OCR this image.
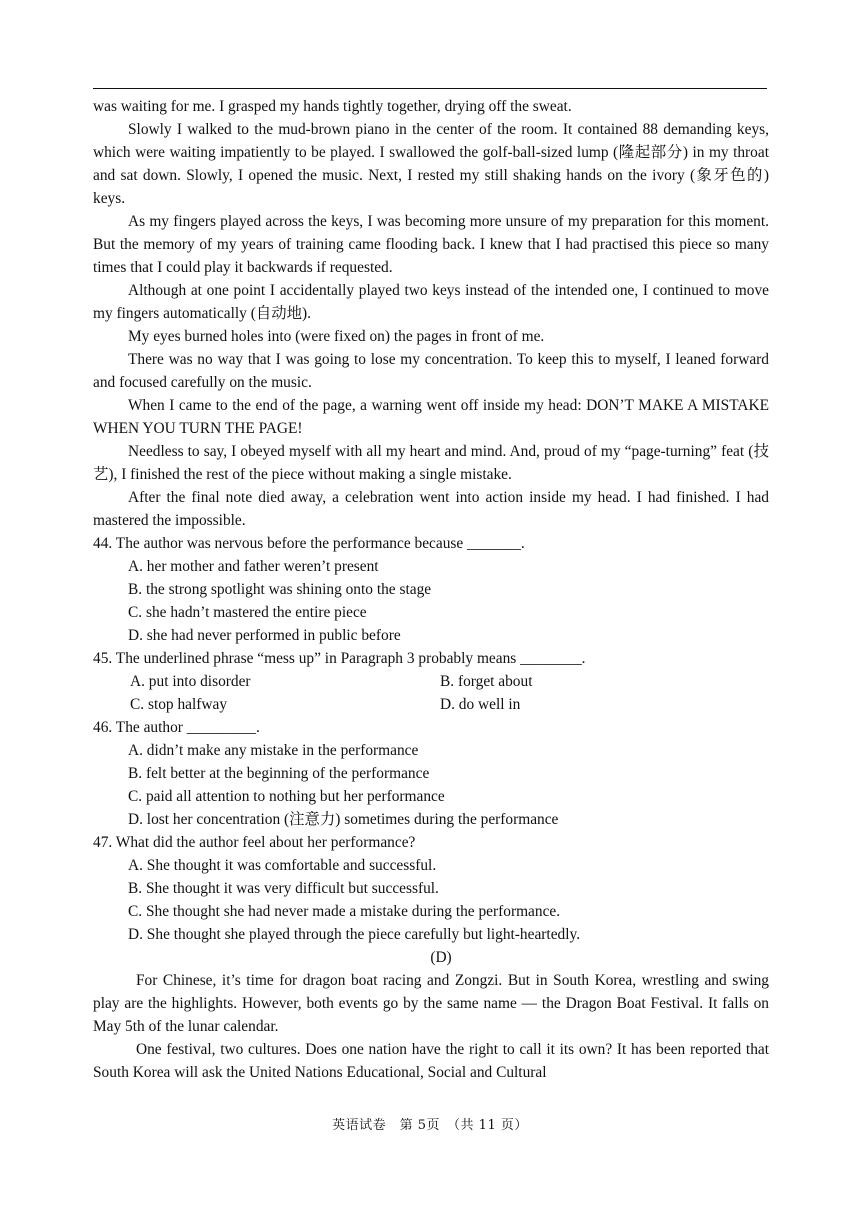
was waiting for me. I grasped my hands tightly together, drying off the sweat.

Slowly I walked to the mud-brown piano in the center of the room. It contained 88 demanding keys, which were waiting impatiently to be played. I swallowed the golf-ball-sized lump (隆起部分) in my throat and sat down. Slowly, I opened the music. Next, I rested my still shaking hands on the ivory (象牙色的) keys.

As my fingers played across the keys, I was becoming more unsure of my preparation for this moment. But the memory of my years of training came flooding back. I knew that I had practised this piece so many times that I could play it backwards if requested.

Although at one point I accidentally played two keys instead of the intended one, I continued to move my fingers automatically (自动地).

My eyes burned holes into (were fixed on) the pages in front of me.

There was no way that I was going to lose my concentration. To keep this to myself, I leaned forward and focused carefully on the music.

When I came to the end of the page, a warning went off inside my head: DON’T MAKE A MISTAKE WHEN YOU TURN THE PAGE!

Needless to say, I obeyed myself with all my heart and mind. And, proud of my “page-turning” feat (技艺), I finished the rest of the piece without making a single mistake.

After the final note died away, a celebration went into action inside my head. I had finished. I had mastered the impossible.

44. The author was nervous before the performance because _______.

A. her mother and father weren’t present

B. the strong spotlight was shining onto the stage

C. she hadn’t mastered the entire piece

D. she had never performed in public before

45. The underlined phrase “mess up” in Paragraph 3 probably means ________.

A. put into disorder	B. forget about
C. stop halfway	D. do well in

46. The author _________.

A. didn’t make any mistake in the performance

B. felt better at the beginning of the performance

C. paid all attention to nothing but her performance

D. lost her concentration (注意力) sometimes during the performance

47. What did the author feel about her performance?

A. She thought it was comfortable and successful.

B. She thought it was very difficult but successful.

C. She thought she had never made a mistake during the performance.

D. She thought she played through the piece carefully but light-heartedly.

(D)

For Chinese, it’s time for dragon boat racing and Zongzi. But in South Korea, wrestling and swing play are the highlights. However, both events go by the same name — the Dragon Boat Festival. It falls on May 5th of the lunar calendar.

One festival, two cultures. Does one nation have the right to call it its own? It has been reported that South Korea will ask the United Nations Educational, Social and Cultural

英语试卷　第 5页　（共 11 页）
